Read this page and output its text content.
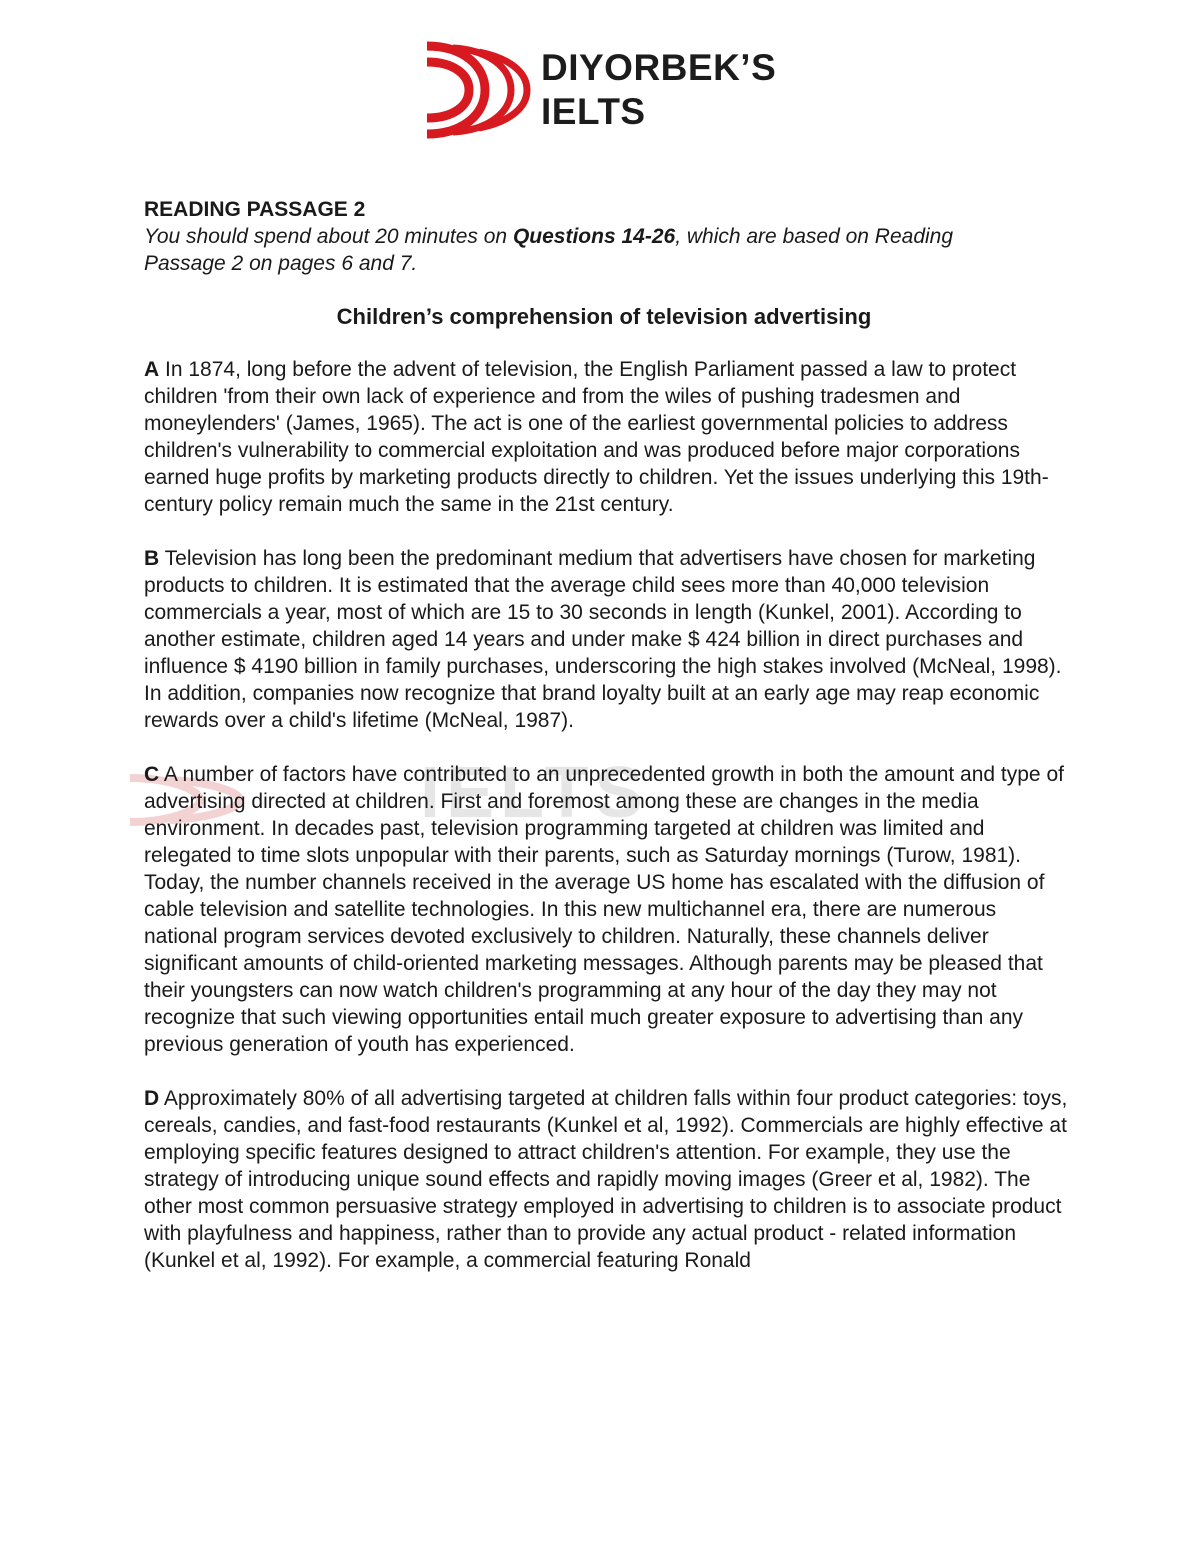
DIYORBEK’S
IELTS
IELTS

READING PASSAGE 2

You should spend about 20 minutes on Questions 14-26, which are based on Reading Passage 2 on pages 6 and 7.

Children’s comprehension of television advertising

A In 1874, long before the advent of television, the English Parliament passed a law to protect children 'from their own lack of experience and from the wiles of pushing tradesmen and moneylenders' (James, 1965). The act is one of the earliest governmental policies to address children's vulnerability to commercial exploitation and was produced before major corporations earned huge profits by marketing products directly to children. Yet the issues underlying this 19th-century policy remain much the same in the 21st century.

B Television has long been the predominant medium that advertisers have chosen for marketing products to children. It is estimated that the average child sees more than 40,000 television commercials a year, most of which are 15 to 30 seconds in length (Kunkel, 2001). According to another estimate, children aged 14 years and under make $ 424 billion in direct purchases and influence $ 4190 billion in family purchases, underscoring the high stakes involved (McNeal, 1998). In addition, companies now recognize that brand loyalty built at an early age may reap economic rewards over a child's lifetime (McNeal, 1987).

C A number of factors have contributed to an unprecedented growth in both the amount and type of advertising directed at children. First and foremost among these are changes in the media environment. In decades past, television programming targeted at children was limited and relegated to time slots unpopular with their parents, such as Saturday mornings (Turow, 1981). Today, the number channels received in the average US home has escalated with the diffusion of cable television and satellite technologies. In this new multichannel era, there are numerous national program services devoted exclusively to children. Naturally, these channels deliver significant amounts of child-oriented marketing messages. Although parents may be pleased that their youngsters can now watch children's programming at any hour of the day they may not recognize that such viewing opportunities entail much greater exposure to advertising than any previous generation of youth has experienced.

D Approximately 80% of all advertising targeted at children falls within four product categories: toys, cereals, candies, and fast-food restaurants (Kunkel et al, 1992). Commercials are highly effective at employing specific features designed to attract children's attention. For example, they use the strategy of introducing unique sound effects and rapidly moving images (Greer et al, 1982). The other most common persuasive strategy employed in advertising to children is to associate product with playfulness and happiness, rather than to provide any actual product - related information (Kunkel et al, 1992). For example, a commercial featuring Ronald
